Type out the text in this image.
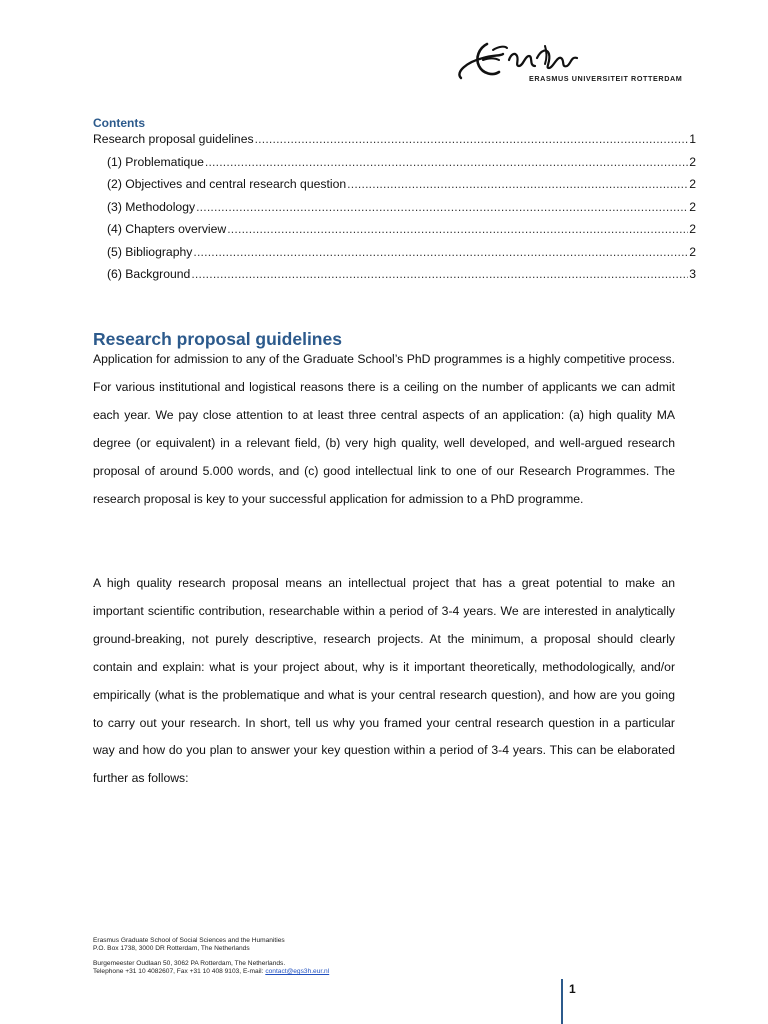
ERASMUS UNIVERSITEIT ROTTERDAM
Contents
Research proposal guidelines .....	1
(1) Problematique .....	2
(2) Objectives and central research question .....	2
(3) Methodology .....	2
(4) Chapters overview .....	2
(5) Bibliography .....	2
(6) Background .....	3
Research proposal guidelines

Application for admission to any of the Graduate School’s PhD programmes is a highly competitive process. For various institutional and logistical reasons there is a ceiling on the number of applicants we can admit each year. We pay close attention to at least three central aspects of an application: (a) high quality MA degree (or equivalent) in a relevant field, (b) very high quality, well developed, and well-argued research proposal of around 5.000 words, and (c) good intellectual link to one of our Research Programmes. The research proposal is key to your successful application for admission to a PhD programme.

A high quality research proposal means an intellectual project that has a great potential to make an important scientific contribution, researchable within a period of 3-4 years. We are interested in analytically ground-breaking, not purely descriptive, research projects. At the minimum, a proposal should clearly contain and explain: what is your project about, why is it important theoretically, methodologically, and/or empirically (what is the problematique and what is your central research question), and how are you going to carry out your research. In short, tell us why you framed your central research question in a particular way and how do you plan to answer your key question within a period of 3-4 years. This can be elaborated further as follows:

Erasmus Graduate School of Social Sciences and the Humanities
P.O. Box 1738, 3000 DR Rotterdam, The Netherlands
Burgemeester Oudlaan 50, 3062 PA Rotterdam, The Netherlands.
Telephone +31 10 4082607, Fax +31 10 408 9103, E-mail: contact@egs3h.eur.nl
1
